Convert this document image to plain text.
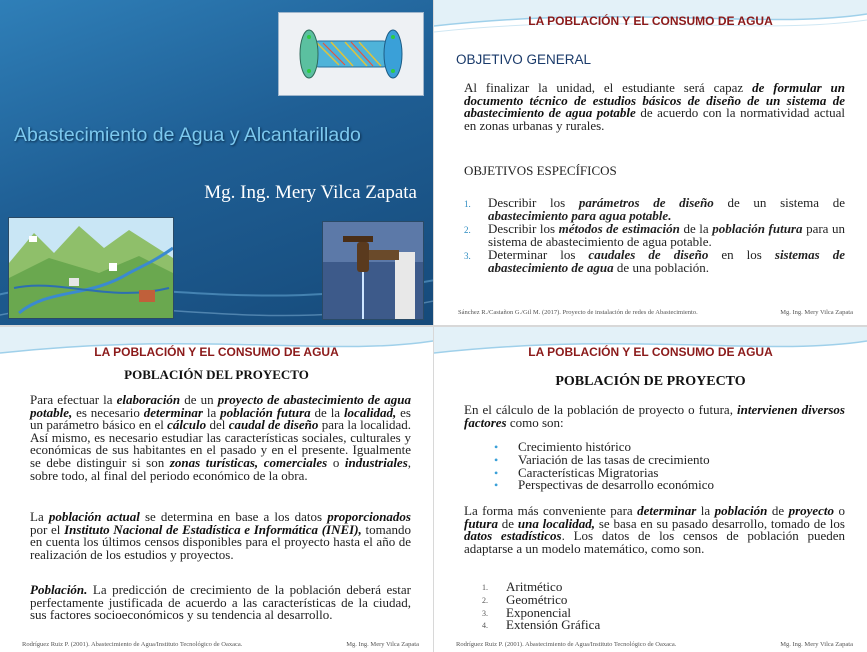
Abastecimiento de Agua y Alcantarillado
Mg. Ing. Mery Vilca Zapata
LA POBLACIÓN Y EL CONSUMO DE AGUA
OBJETIVO GENERAL
Al finalizar la unidad, el estudiante será capaz de formular un documento técnico de estudios básicos de diseño de un sistema de abastecimiento de agua potable de acuerdo con la normatividad actual en zonas urbanas y rurales.
OBJETIVOS ESPECÍFICOS
1. Describir los parámetros de diseño de un sistema de abastecimiento para agua potable.
2. Describir los métodos de estimación de la población futura para un sistema de abastecimiento de agua potable.
3. Determinar los caudales de diseño en los sistemas de abastecimiento de agua de una población.
Sánchez R./Castañon G./Gil M. (2017). Proyecto de instalación de redes de Abastecimiento.	Mg. Ing. Mery Vilca Zapata
LA POBLACIÓN Y EL CONSUMO DE AGUA
POBLACIÓN DEL PROYECTO
Para efectuar la elaboración de un proyecto de abastecimiento de agua potable, es necesario determinar la población futura de la localidad, es un parámetro básico en el cálculo del caudal de diseño para la localidad. Así mismo, es necesario estudiar las características sociales, culturales y económicas de sus habitantes en el pasado y en el presente. Igualmente se debe distinguir si son zonas turísticas, comerciales o industriales, sobre todo, al final del periodo económico de la obra.
La población actual se determina en base a los datos proporcionados por el Instituto Nacional de Estadística e Informática (INEI), tomando en cuenta los últimos censos disponibles para el proyecto hasta el año de realización de los estudios y proyectos.
Población. La predicción de crecimiento de la población deberá estar perfectamente justificada de acuerdo a las características de la ciudad, sus factores socioeconómicos y su tendencia al desarrollo.
Rodríguez Ruiz P. (2001). Abastecimiento de Agua/Instituto Tecnológico de Oaxaca.	Mg. Ing. Mery Vilca Zapata
LA POBLACIÓN Y EL CONSUMO DE AGUA
POBLACIÓN DE PROYECTO
En el cálculo de la población de proyecto o futura, intervienen diversos factores como son:
• Crecimiento histórico
• Variación de las tasas de crecimiento
• Características Migratorias
• Perspectivas de desarrollo económico
La forma más conveniente para determinar la población de proyecto o futura de una localidad, se basa en su pasado desarrollo, tomado de los datos estadísticos. Los datos de los censos de población pueden adaptarse a un modelo matemático, como son.
1. Aritmético
2. Geométrico
3. Exponencial
4. Extensión Gráfica
Rodríguez Ruiz P. (2001). Abastecimiento de Agua/Instituto Tecnológico de Oaxaca.	Mg. Ing. Mery Vilca Zapata
